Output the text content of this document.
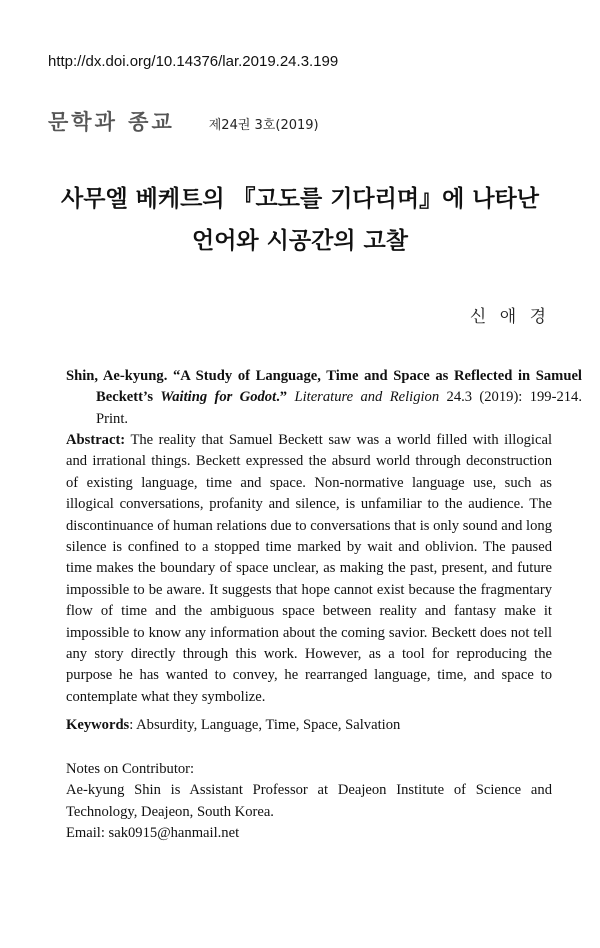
http://dx.doi.org/10.14376/lar.2019.24.3.199
문학과 종교	제24권 3호(2019)
사무엘 베케트의 『고도를 기다리며』에 나타난
언어와 시공간의 고찰
신 애 경
Shin, Ae-kyung. “A Study of Language, Time and Space as Reflected in Samuel Beckett’s Waiting for Godot.” Literature and Religion 24.3 (2019): 199-214. Print.
Abstract: The reality that Samuel Beckett saw was a world filled with illogical and irrational things. Beckett expressed the absurd world through deconstruction of existing language, time and space. Non-normative language use, such as illogical conversations, profanity and silence, is unfamiliar to the audience. The discontinuance of human relations due to conversations that is only sound and long silence is confined to a stopped time marked by wait and oblivion. The paused time makes the boundary of space unclear, as making the past, present, and future impossible to be aware. It suggests that hope cannot exist because the fragmentary flow of time and the ambiguous space between reality and fantasy make it impossible to know any information about the coming savior. Beckett does not tell any story directly through this work. However, as a tool for reproducing the purpose he has wanted to convey, he rearranged language, time, and space to contemplate what they symbolize.
Keywords: Absurdity, Language, Time, Space, Salvation
Notes on Contributor:
Ae-kyung Shin is Assistant Professor at Deajeon Institute of Science and Technology, Deajeon, South Korea.
Email: sak0915@hanmail.net
